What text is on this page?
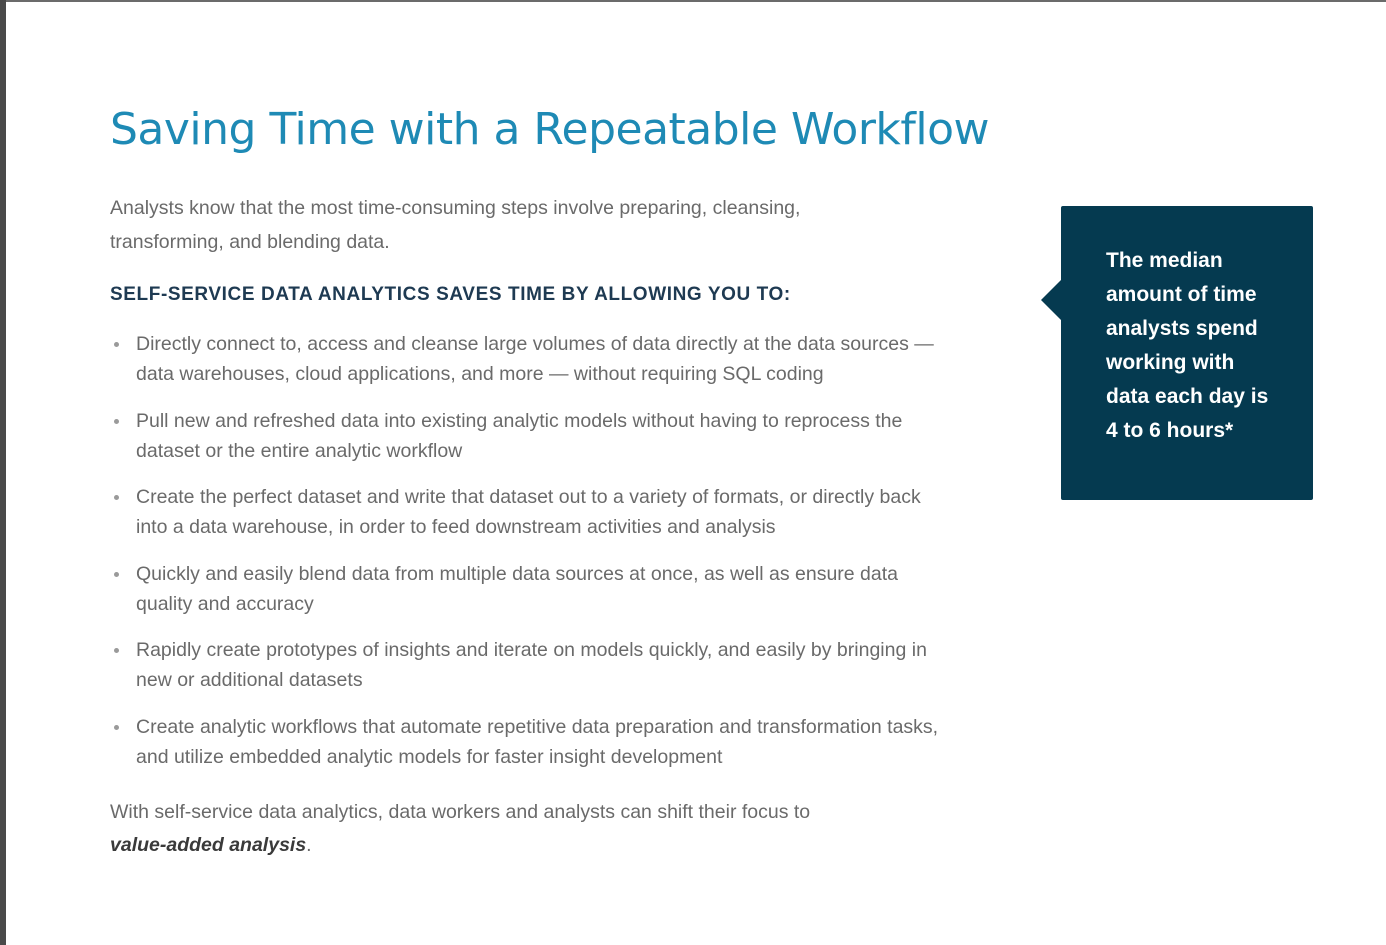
Saving Time with a Repeatable Workflow

Analysts know that the most time-consuming steps involve preparing, cleansing,
transforming, and blending data.

SELF-SERVICE DATA ANALYTICS SAVES TIME BY ALLOWING YOU TO:
Directly connect to, access and cleanse large volumes of data directly at the data sources —
data warehouses, cloud applications, and more — without requiring SQL coding
Pull new and refreshed data into existing analytic models without having to reprocess the
dataset or the entire analytic workflow
Create the perfect dataset and write that dataset out to a variety of formats, or directly back
into a data warehouse, in order to feed downstream activities and analysis
Quickly and easily blend data from multiple data sources at once, as well as ensure data
quality and accuracy
Rapidly create prototypes of insights and iterate on models quickly, and easily by bringing in
new or additional datasets
Create analytic workflows that automate repetitive data preparation and transformation tasks,
and utilize embedded analytic models for faster insight development

With self-service data analytics, data workers and analysts can shift their focus to
value-added analysis.

The median
amount of time
analysts spend
working with
data each day is
4 to 6 hours*
